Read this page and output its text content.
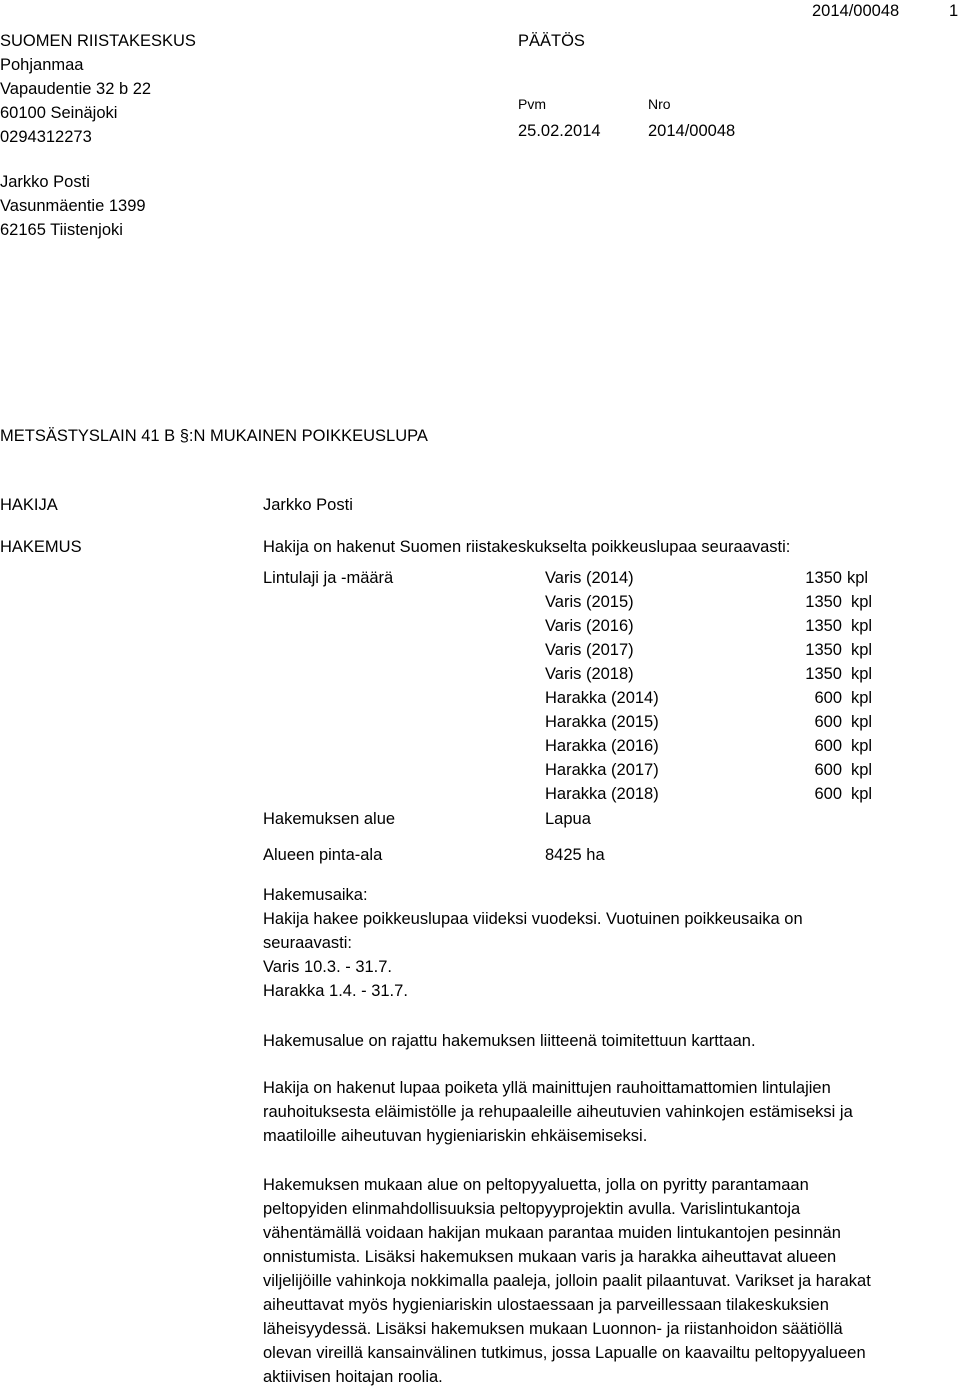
SUOMEN RIISTAKESKUS
Pohjanmaa
Vapaudentie 32 b 22
60100 Seinäjoki
0294312273
PÄÄTÖS
2014/00048	1
Pvm	Nro
25.02.2014	2014/00048
Jarkko Posti
Vasunmäentie 1399
62165 Tiistenjoki
METSÄSTYSLAIN 41 B §:N MUKAINEN POIKKEUSLUPA
HAKIJA	Jarkko Posti
HAKEMUS	Hakija on hakenut Suomen riistakeskukselta poikkeuslupaa seuraavasti:
Lintulaji ja -määrä	Varis (2014)	1350 kpl
Varis (2015)	1350 kpl
Varis (2016)	1350 kpl
Varis (2017)	1350 kpl
Varis (2018)	1350 kpl
Harakka (2014)	600 kpl
Harakka (2015)	600 kpl
Harakka (2016)	600 kpl
Harakka (2017)	600 kpl
Harakka (2018)	600 kpl
Hakemuksen alue	Lapua
Alueen pinta-ala	8425 ha
Hakemusaika:
Hakija hakee poikkeuslupaa viideksi vuodeksi. Vuotuinen poikkeusaika on
seuraavasti:
Varis 10.3. - 31.7.
Harakka 1.4. - 31.7.
Hakemusalue on rajattu hakemuksen liitteenä toimitettuun karttaan.
Hakija on hakenut lupaa poiketa yllä mainittujen rauhoittamattomien lintulajien
rauhoituksesta eläimistölle ja rehupaaleille aiheutuvien vahinkojen estämiseksi ja
maatiloille aiheutuvan hygieniariskin ehkäisemiseksi.
Hakemuksen mukaan alue on peltopyyaluetta, jolla on pyritty parantamaan
peltopyiden elinmahdollisuuksia peltopyyprojektin avulla. Varislintukantoja
vähentämällä voidaan hakijan mukaan parantaa muiden lintukantojen pesinnän
onnistumista. Lisäksi hakemuksen mukaan varis ja harakka aiheuttavat alueen
viljelijöille vahinkoja nokkimalla paaleja, jolloin paalit pilaantuvat. Varikset ja harakat
aiheuttavat myös hygieniariskin ulostaessaan ja parveillessaan tilakeskuksien
läheisyydessä. Lisäksi hakemuksen mukaan Luonnon- ja riistanhoidon säätiöllä
olevan vireillä kansainvälinen tutkimus, jossa Lapualle on kaavailtu peltopyyalueen
aktiivisen hoitajan roolia.
